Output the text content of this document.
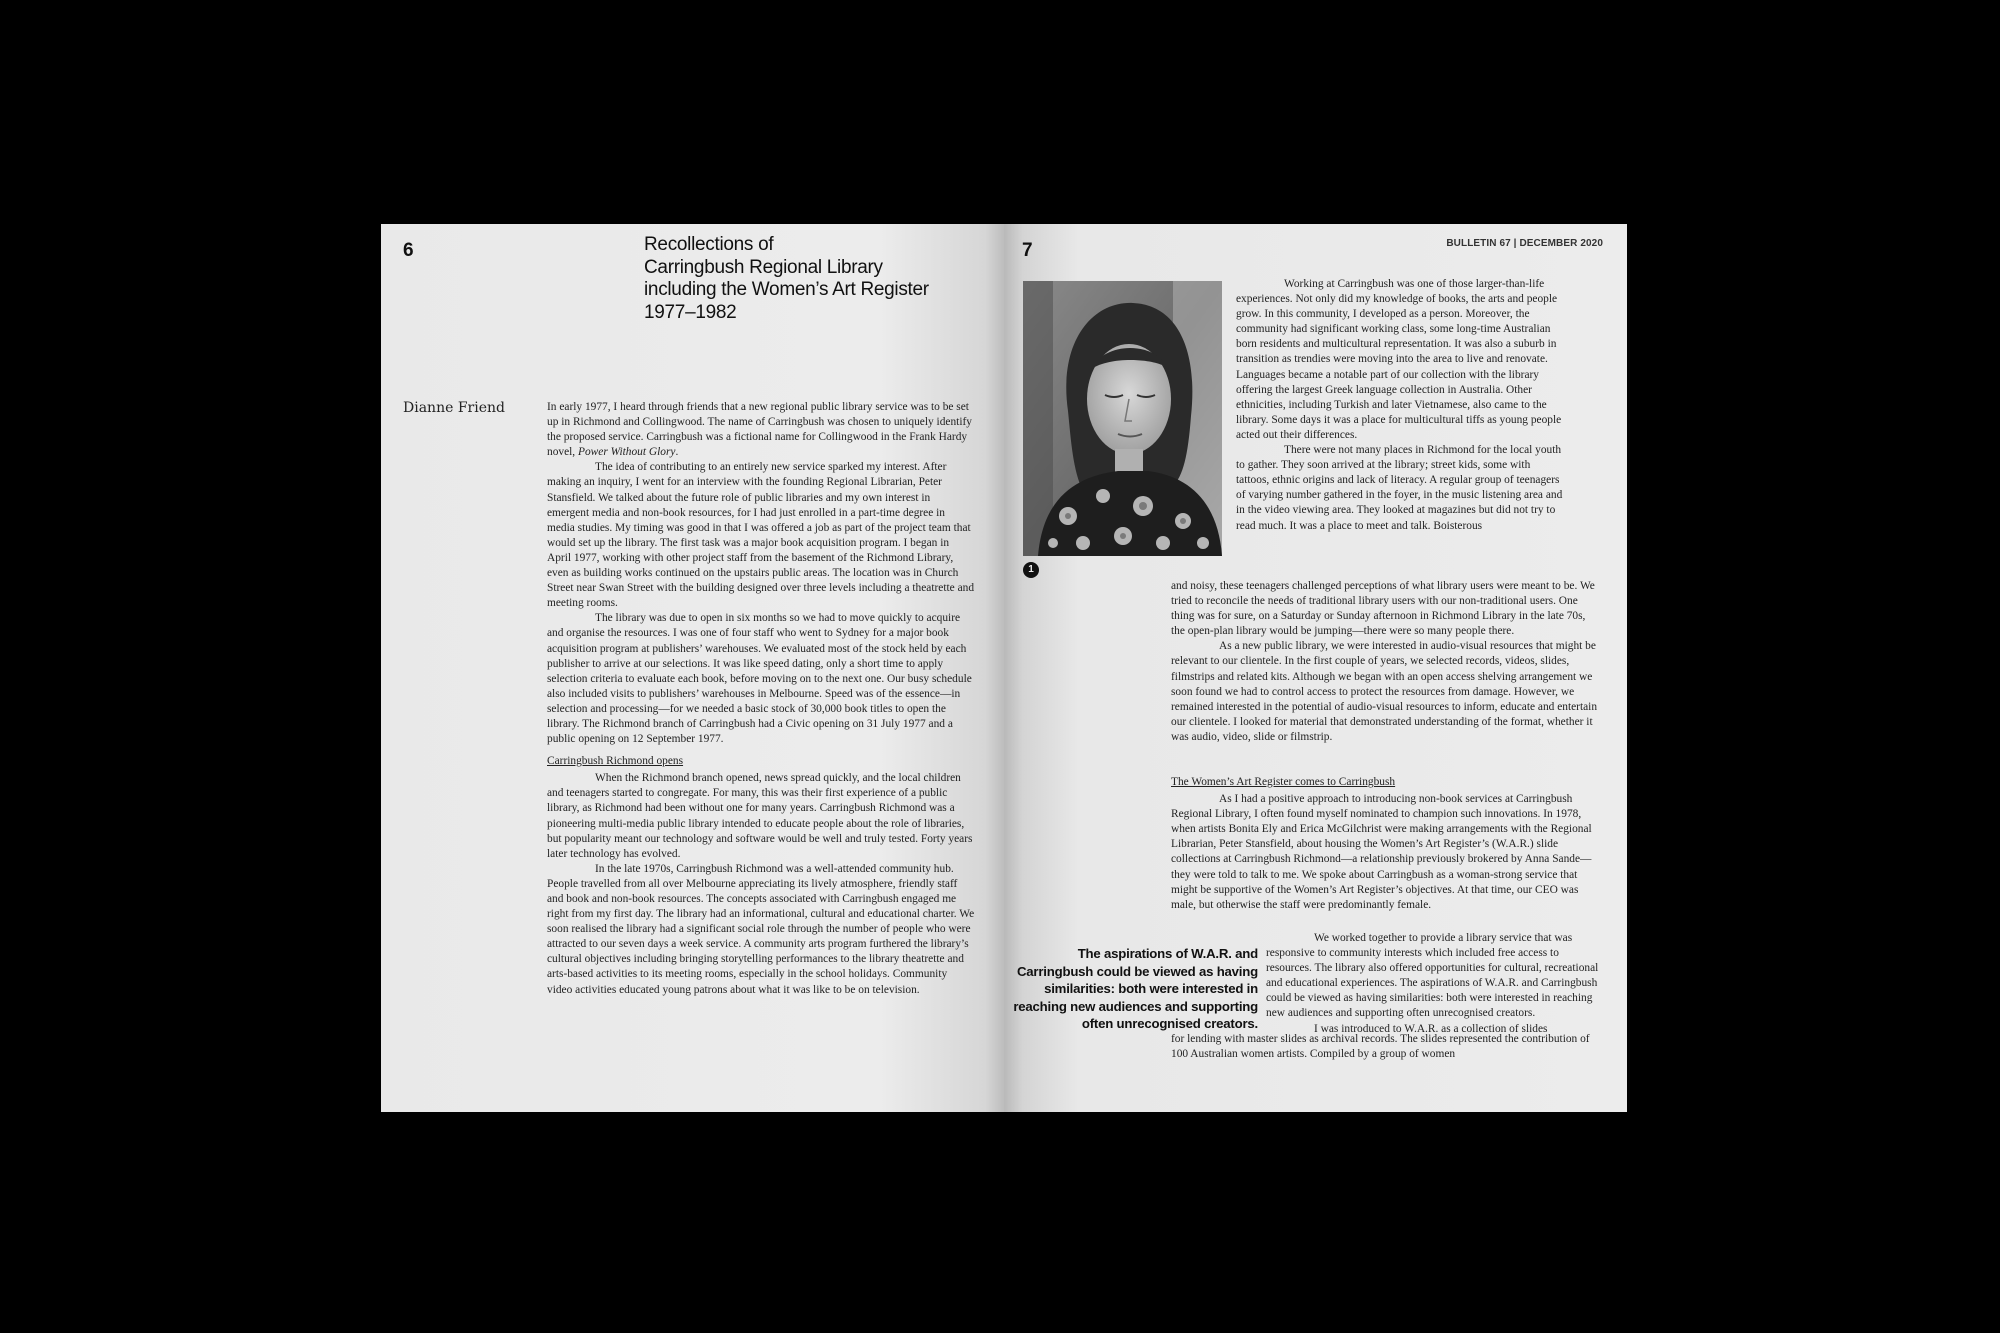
6	Recollections of
Carringbush Regional Library
including the Women’s Art Register
1977–1982
Dianne Friend	In early 1977, I heard through friends that a new regional public library service was to be set up in Richmond and Collingwood. The name of Carringbush was chosen to uniquely identify the proposed service. Carringbush was a fictional name for Collingwood in the Frank Hardy novel, Power Without Glory.

The idea of contributing to an entirely new service sparked my interest. After making an inquiry, I went for an interview with the founding Regional Librarian, Peter Stansfield. We talked about the future role of public libraries and my own interest in emergent media and non-book resources, for I had just enrolled in a part-time degree in media studies. My timing was good in that I was offered a job as part of the project team that would set up the library. The first task was a major book acquisition program. I began in April 1977, working with other project staff from the basement of the Richmond Library, even as building works continued on the upstairs public areas. The location was in Church Street near Swan Street with the building designed over three levels including a theatrette and meeting rooms.

The library was due to open in six months so we had to move quickly to acquire and organise the resources. I was one of four staff who went to Sydney for a major book acquisition program at publishers’ warehouses. We evaluated most of the stock held by each publisher to arrive at our selections. It was like speed dating, only a short time to apply selection criteria to evaluate each book, before moving on to the next one. Our busy schedule also included visits to publishers’ warehouses in Melbourne. Speed was of the essence—in selection and processing—for we needed a basic stock of 30,000 book titles to open the library. The Richmond branch of Carringbush had a Civic opening on 31 July 1977 and a public opening on 12 September 1977.

Carringbush Richmond opens

When the Richmond branch opened, news spread quickly, and the local children and teenagers started to congregate. For many, this was their first experience of a public library, as Richmond had been without one for many years. Carringbush Richmond was a pioneering multi-media public library intended to educate people about the role of libraries, but popularity meant our technology and software would be well and truly tested. Forty years later technology has evolved.

In the late 1970s, Carringbush Richmond was a well-attended community hub. People travelled from all over Melbourne appreciating its lively atmosphere, friendly staff and book and non-book resources. The concepts associated with Carringbush engaged me right from my first day. The library had an informational, cultural and educational charter. We soon realised the library had a significant social role through the number of people who were attracted to our seven days a week service. A community arts program furthered the library’s cultural objectives including bringing storytelling performances to the library theatrette and arts-based activities to its meeting rooms, especially in the school holidays. Community video activities educated young patrons about what it was like to be on television.

7	BULLETIN 67 | DECEMBER 2020
1

Working at Carringbush was one of those larger-than-life experiences. Not only did my knowledge of books, the arts and people grow. In this community, I developed as a person. Moreover, the community had significant working class, some long-time Australian born residents and multicultural representation. It was also a suburb in transition as trendies were moving into the area to live and renovate. Languages became a notable part of our collection with the library offering the largest Greek language collection in Australia. Other ethnicities, including Turkish and later Vietnamese, also came to the library. Some days it was a place for multicultural tiffs as young people acted out their differences.

There were not many places in Richmond for the local youth to gather. They soon arrived at the library; street kids, some with tattoos, ethnic origins and lack of literacy. A regular group of teenagers of varying number gathered in the foyer, in the music listening area and in the video viewing area. They looked at magazines but did not try to read much. It was a place to meet and talk. Boisterous

and noisy, these teenagers challenged perceptions of what library users were meant to be. We tried to reconcile the needs of traditional library users with our non-traditional users. One thing was for sure, on a Saturday or Sunday afternoon in Richmond Library in the late 70s, the open-plan library would be jumping—there were so many people there.

As a new public library, we were interested in audio-visual resources that might be relevant to our clientele. In the first couple of years, we selected records, videos, slides, filmstrips and related kits. Although we began with an open access shelving arrangement we soon found we had to control access to protect the resources from damage. However, we remained interested in the potential of audio-visual resources to inform, educate and entertain our clientele. I looked for material that demonstrated understanding of the format, whether it was audio, video, slide or filmstrip.

The Women’s Art Register comes to Carringbush

As I had a positive approach to introducing non-book services at Carringbush Regional Library, I often found myself nominated to champion such innovations. In 1978, when artists Bonita Ely and Erica McGilchrist were making arrangements with the Regional Librarian, Peter Stansfield, about housing the Women’s Art Register’s (W.A.R.) slide collections at Carringbush Richmond—a relationship previously brokered by Anna Sande—they were told to talk to me. We spoke about Carringbush as a woman-strong service that might be supportive of the Women’s Art Register’s objectives. At that time, our CEO was male, but otherwise the staff were predominantly female.

The aspirations of W.A.R. and Carringbush could be viewed as having similarities: both were interested in reaching new audiences and supporting often unrecognised creators.

We worked together to provide a library service that was responsive to community interests which included free access to resources. The library also offered opportunities for cultural, recreational and educational experiences. The aspirations of W.A.R. and Carringbush could be viewed as having similarities: both were interested in reaching new audiences and supporting often unrecognised creators.

I was introduced to W.A.R. as a collection of slides

for lending with master slides as archival records. The slides represented the contribution of 100 Australian women artists. Compiled by a group of women
